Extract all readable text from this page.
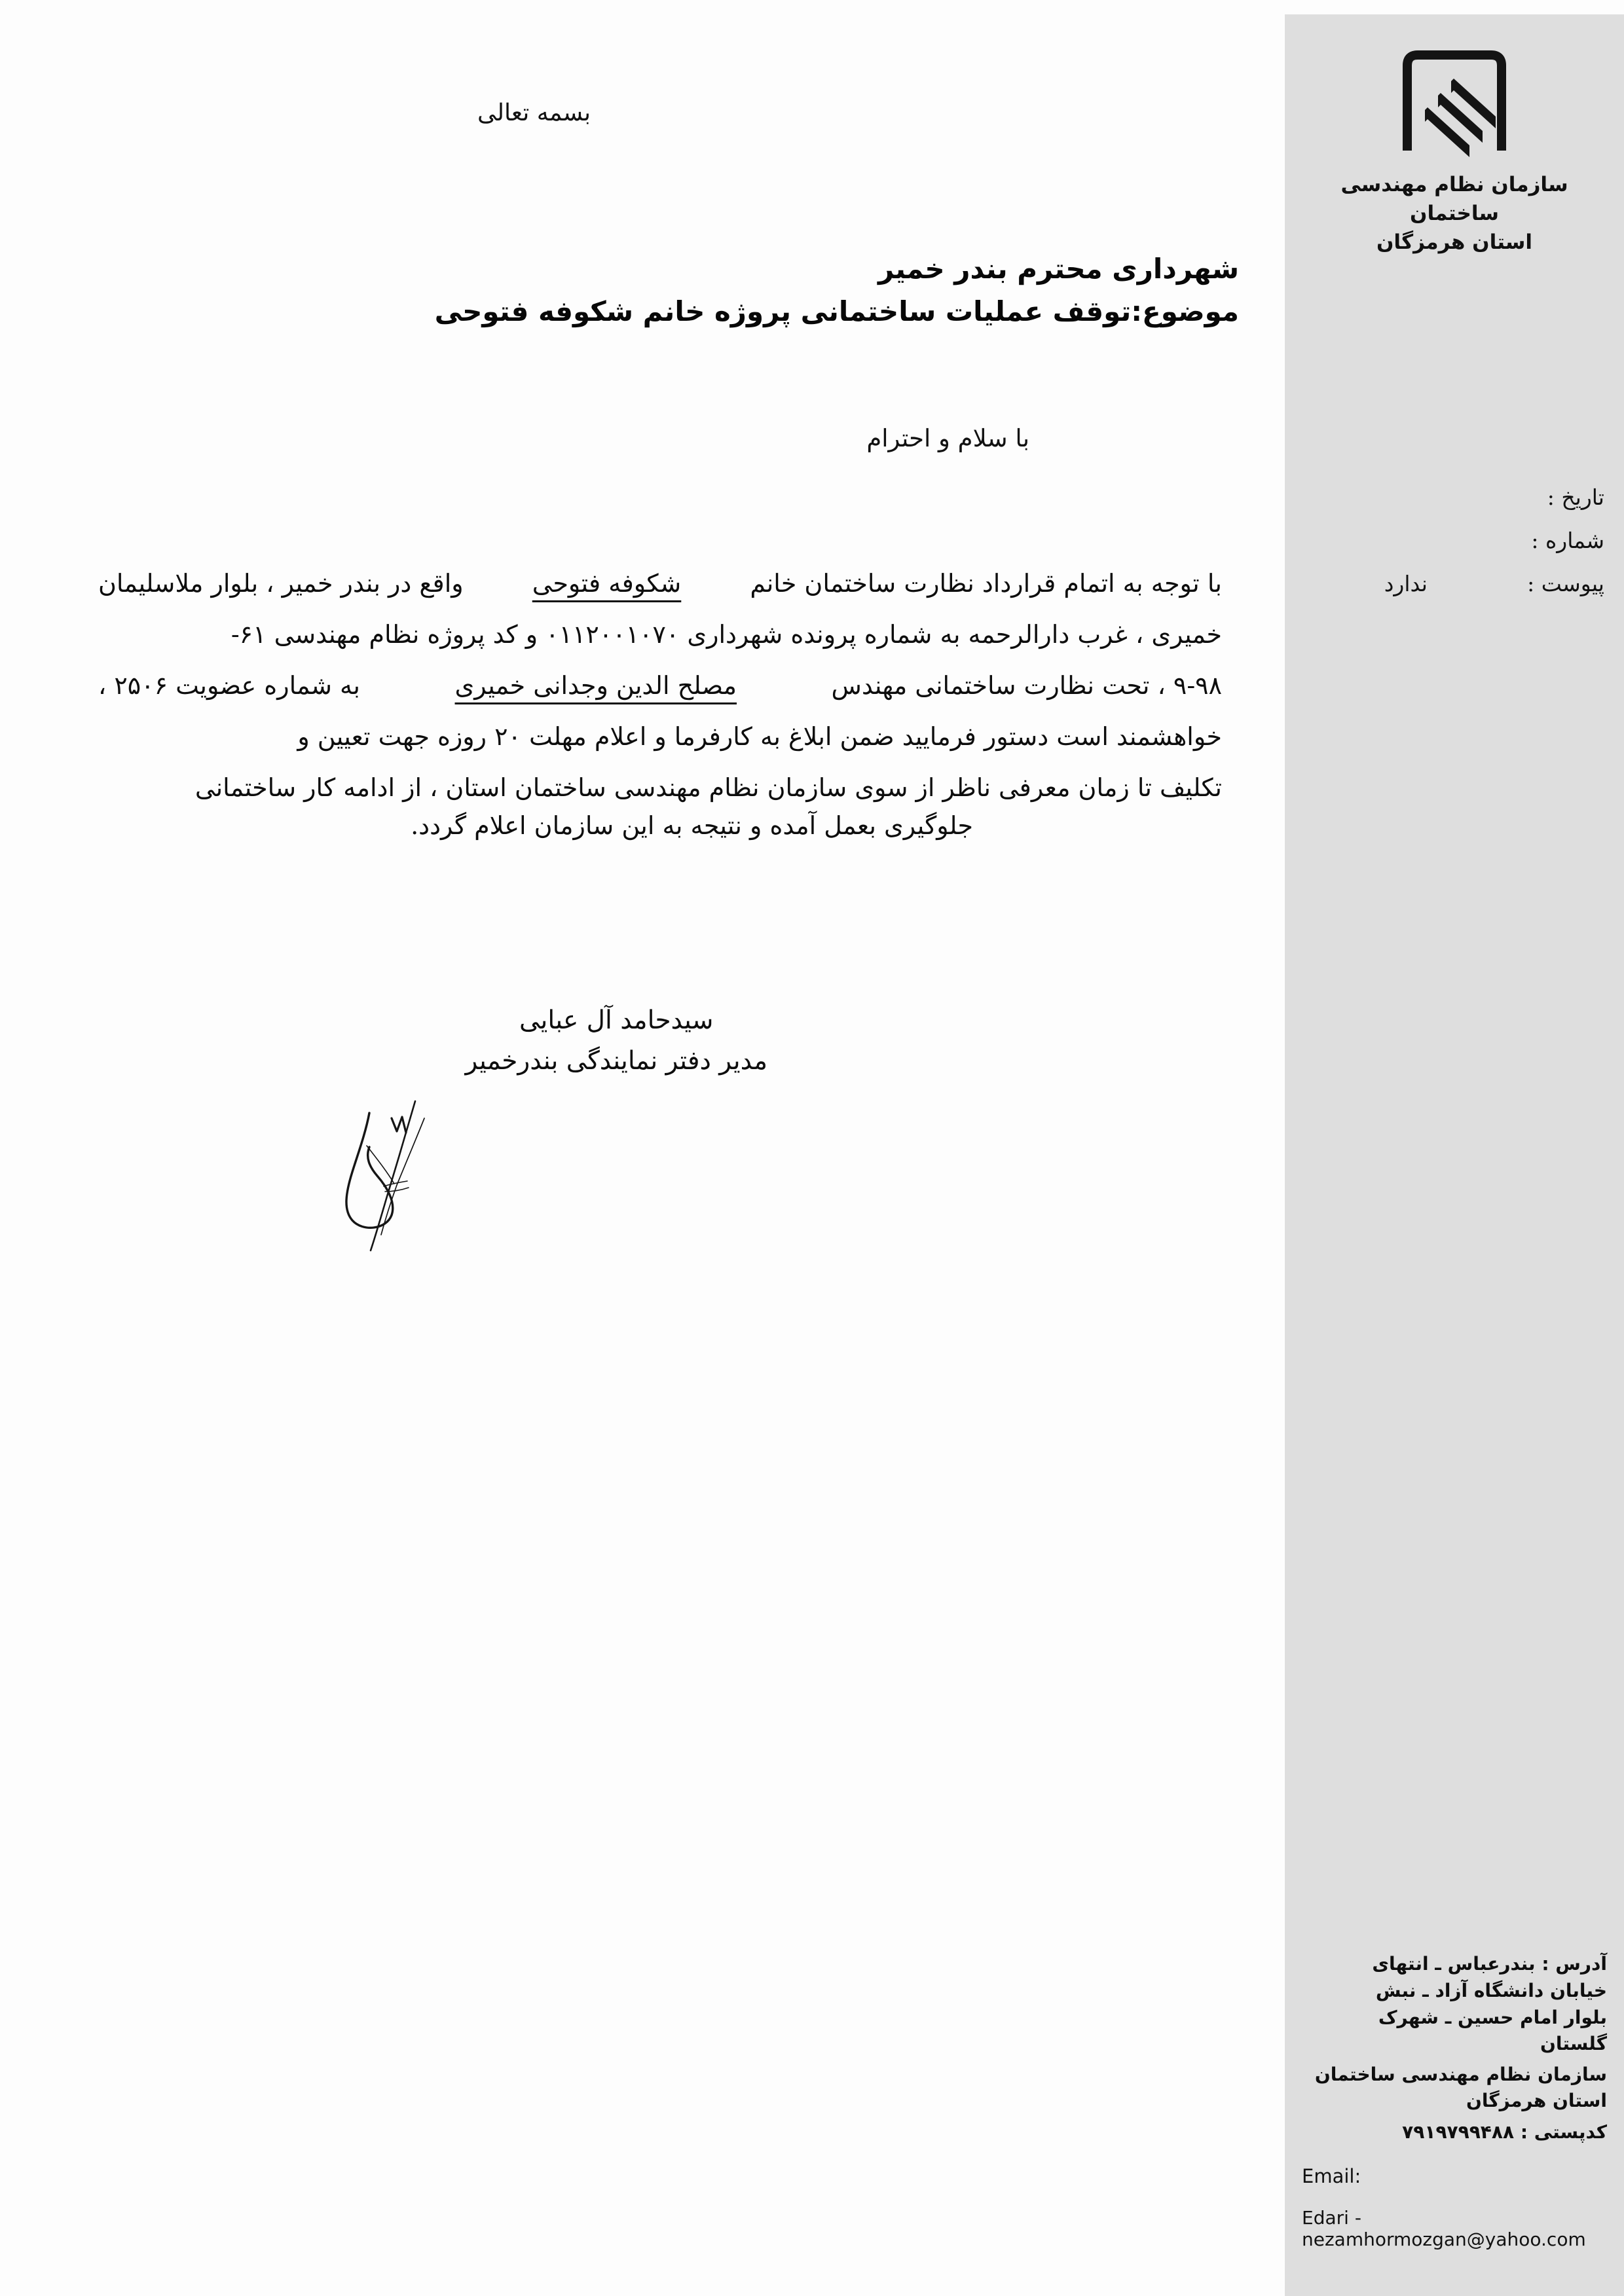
بسمه تعالی
شهرداری محترم بندر خمیر
موضوع:توقف عملیات ساختمانی پروژه خانم شکوفه فتوحی
با سلام و احترام
با توجه به اتمام قرارداد نظارت ساختمان خانم
شکوفه فتوحی
واقع در بندر خمیر ، بلوار ملاسلیمان
خمیری ، غرب دارالرحمه به شماره پرونده شهرداری ۰۱۱۲۰۰۱۰۷۰ و کد پروژه نظام مهندسی ۶۱-
۹-۹۸ ، تحت نظارت ساختمانی مهندس
مصلح الدین وجدانی خمیری
به شماره عضویت ۲۵۰۶ ،
خواهشمند است دستور فرمایید ضمن ابلاغ به کارفرما و اعلام مهلت ۲۰ روزه جهت تعیین و
تکلیف تا زمان معرفی ناظر از سوی سازمان نظام مهندسی ساختمان استان ، از ادامه کار ساختمانی
جلوگیری بعمل آمده و نتیجه به این سازمان اعلام گردد.
سیدحامد آل عبایی
مدیر دفتر نمایندگی بندرخمیر
سازمان نظام مهندسی ساختمان
استان هرمزگان
تاریخ :
شماره :
پیوست :
ندارد
آدرس : بندرعباس ـ انتهای
خیابان دانشگاه آزاد ـ نبش
بلوار امام حسین ـ شهرک
گلستان
سازمان نظام مهندسی ساختمان
استان هرمزگان
کدپستی : ۷۹۱۹۷۹۹۴۸۸
Email:
Edari - nezamhormozgan@yahoo.com
